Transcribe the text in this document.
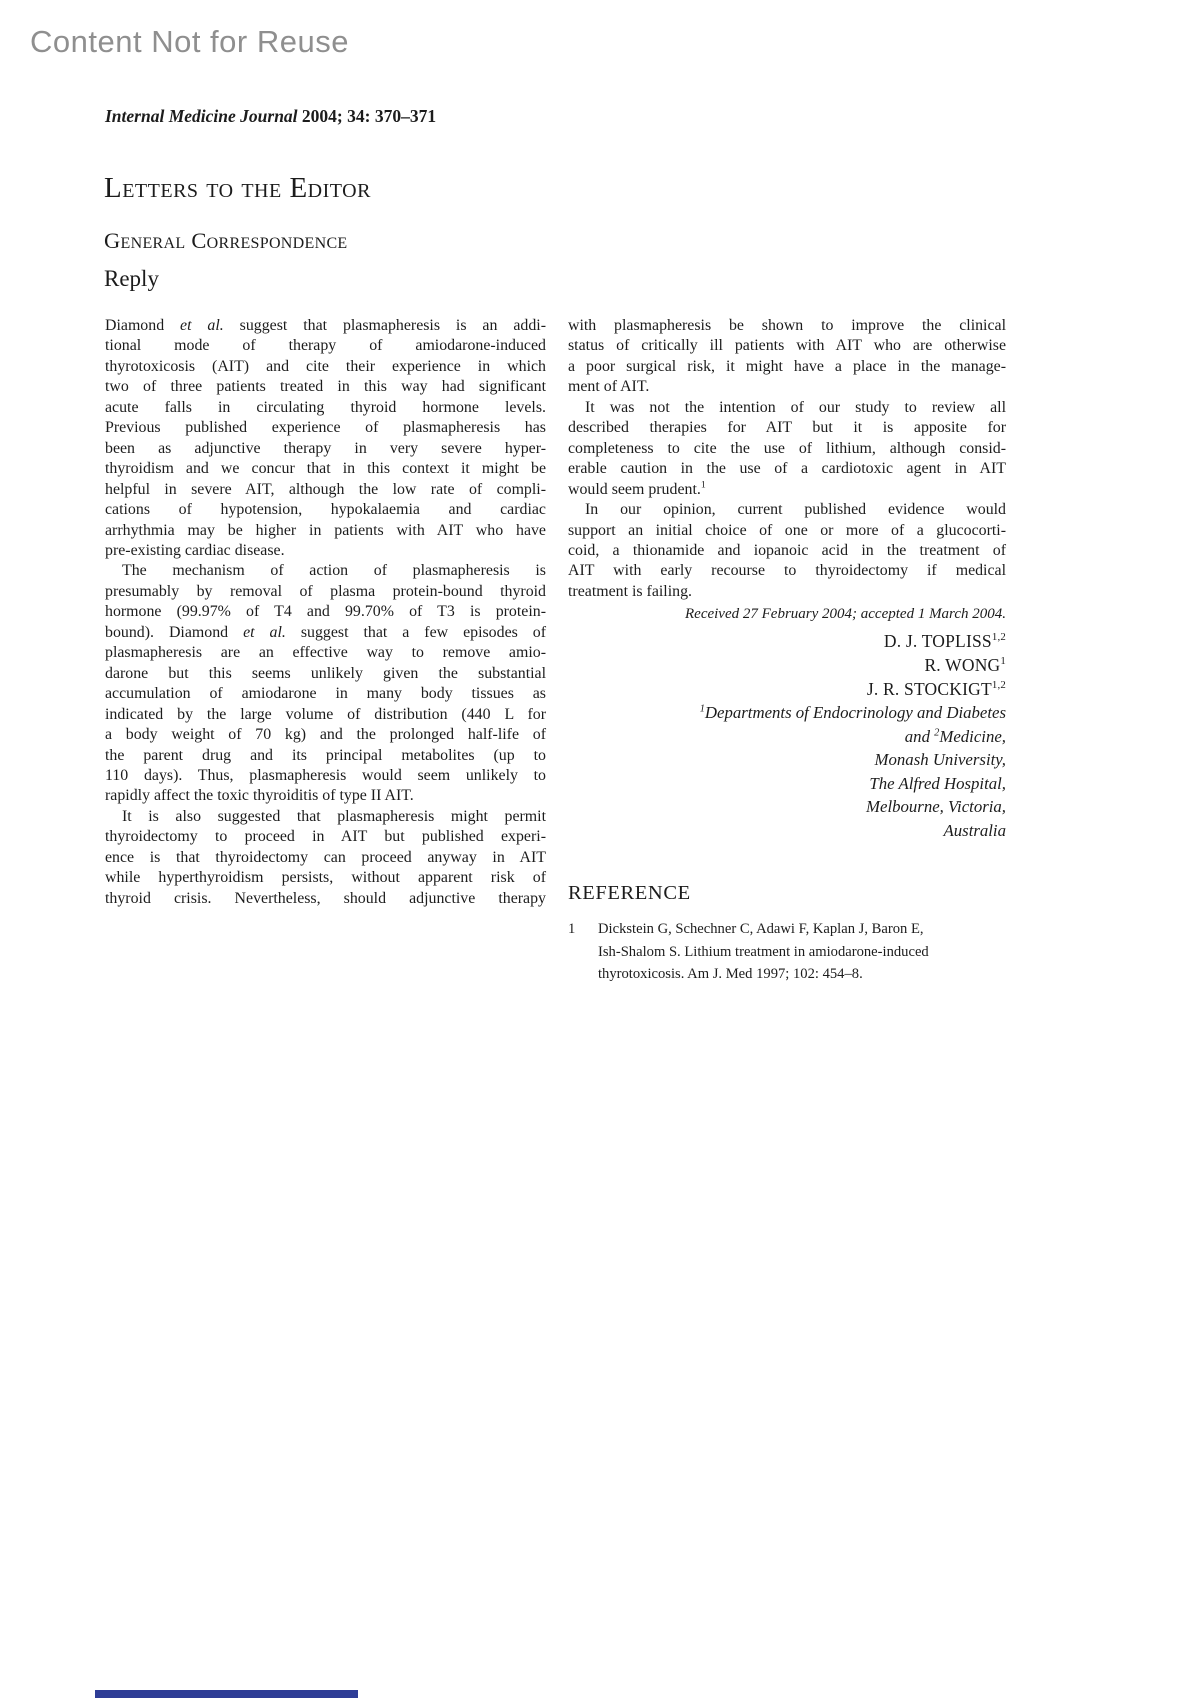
Content Not for Reuse
Internal Medicine Journal 2004; 34: 370–371
Letters to the Editor
General Correspondence
Reply
Diamond et al. suggest that plasmapheresis is an addi-
tional mode of therapy of amiodarone-induced
thyrotoxicosis (AIT) and cite their experience in which
two of three patients treated in this way had significant
acute falls in circulating thyroid hormone levels.
Previous published experience of plasmapheresis has
been as adjunctive therapy in very severe hyper-
thyroidism and we concur that in this context it might be
helpful in severe AIT, although the low rate of compli-
cations of hypotension, hypokalaemia and cardiac
arrhythmia may be higher in patients with AIT who have
pre-existing cardiac disease.
The mechanism of action of plasmapheresis is
presumably by removal of plasma protein-bound thyroid
hormone (99.97% of T4 and 99.70% of T3 is protein-
bound). Diamond et al. suggest that a few episodes of
plasmapheresis are an effective way to remove amio-
darone but this seems unlikely given the substantial
accumulation of amiodarone in many body tissues as
indicated by the large volume of distribution (440 L for
a body weight of 70 kg) and the prolonged half-life of
the parent drug and its principal metabolites (up to
110 days). Thus, plasmapheresis would seem unlikely to
rapidly affect the toxic thyroiditis of type II AIT.
It is also suggested that plasmapheresis might permit
thyroidectomy to proceed in AIT but published experi-
ence is that thyroidectomy can proceed anyway in AIT
while hyperthyroidism persists, without apparent risk of
thyroid crisis. Nevertheless, should adjunctive therapy
with plasmapheresis be shown to improve the clinical
status of critically ill patients with AIT who are otherwise
a poor surgical risk, it might have a place in the manage-
ment of AIT.
It was not the intention of our study to review all
described therapies for AIT but it is apposite for
completeness to cite the use of lithium, although consid-
erable caution in the use of a cardiotoxic agent in AIT
would seem prudent.$^1$
In our opinion, current published evidence would
support an initial choice of one or more of a glucocorti-
coid, a thionamide and iopanoic acid in the treatment of
AIT with early recourse to thyroidectomy if medical
treatment is failing.
Received 27 February 2004; accepted 1 March 2004.
D. J. TOPLISS$^{1,2}$
R. WONG$^1$
J. R. STOCKIGT$^{1,2}$
$^1$Departments of Endocrinology and Diabetes
and $^2$Medicine,
Monash University,
The Alfred Hospital,
Melbourne, Victoria,
Australia
REFERENCE
1	Dickstein G, Schechner C, Adawi F, Kaplan J, Baron E,
Ish-Shalom S. Lithium treatment in amiodarone-induced
thyrotoxicosis. Am J. Med 1997; 102: 454–8.
